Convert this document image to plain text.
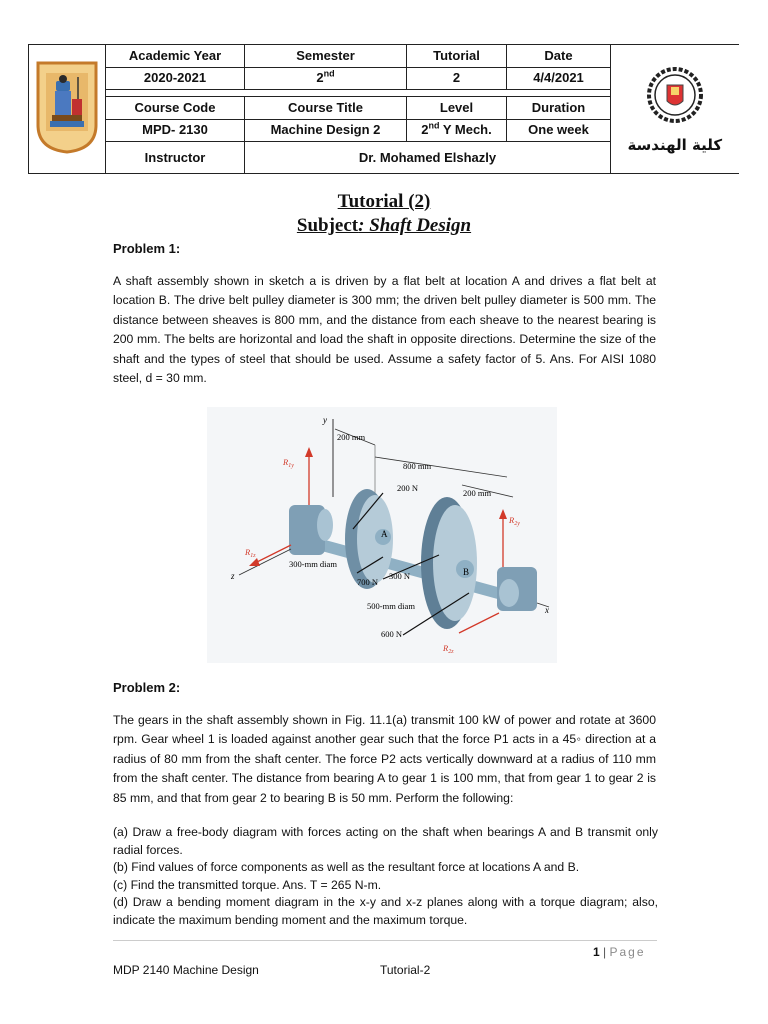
	Academic Year	Semester	Tutorial	Date	كلية الهندسة

	2020-2021	2nd	2	4/4/2021	

	Course Code	Course Title	Level	Duration	
	MPD- 2130	Machine Design 2	2nd Y Mech.	One week	
	Instructor	Dr. Mohamed Elshazly			
Tutorial (2)
Subject: Shaft Design
Problem 1:
A shaft assembly shown in sketch a is driven by a flat belt at location A and drives a flat belt at location B. The drive belt pulley diameter is 300 mm; the driven belt pulley diameter is 500 mm. The distance between sheaves is 800 mm, and the distance from each sheave to the nearest bearing is 200 mm. The belts are horizontal and load the shaft in opposite directions. Determine the size of the shaft and the types of steel that should be used. Assume a safety factor of 5. Ans. For AISI 1080 steel, d = 30 mm.
y
200 mm
800 mm
200 mm
A
B
200 N
300 N
700 N
600 N
300-mm diam
500-mm diam
z
x
$R_{1y}$
$R_{1z}$
$R_{2y}$
$R_{2z}$
Problem 2:
The gears in the shaft assembly shown in Fig. 11.1(a) transmit 100 kW of power and rotate at 3600 rpm. Gear wheel 1 is loaded against another gear such that the force P1 acts in a 45◦ direction at a radius of 80 mm from the shaft center. The force P2 acts vertically downward at a radius of 110 mm from the shaft center. The distance from bearing A to gear 1 is 100 mm, that from gear 1 to gear 2 is 85 mm, and that from gear 2 to bearing B is 50 mm. Perform the following:
(a) Draw a free-body diagram with forces acting on the shaft when bearings A and B transmit only radial forces.
(b) Find values of force components as well as the resultant force at locations A and B.
(c) Find the transmitted torque. Ans. T = 265 N-m.
(d) Draw a bending moment diagram in the x-y and x-z planes along with a torque diagram; also, indicate the maximum bending moment and the maximum torque.
1 | Page
MDP 2140 Machine Design	Tutorial-2
